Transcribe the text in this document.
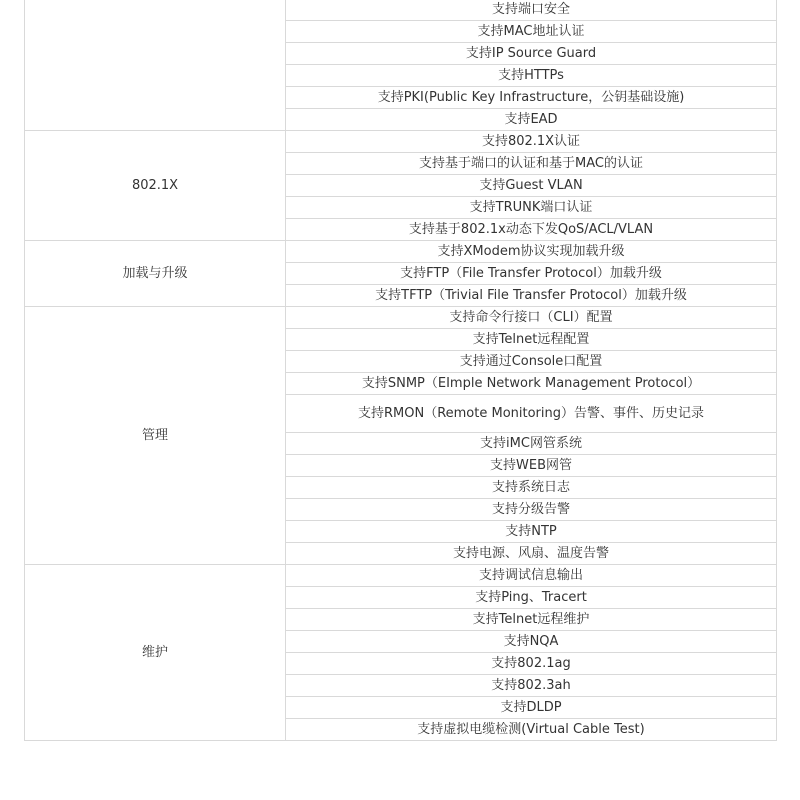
	支持端口安全
	支持MAC地址认证
	支持IP Source Guard
	支持HTTPs
	支持PKI(Public Key Infrastructure，公钥基础设施)
	支持EAD
802.1X	支持802.1X认证
	支持基于端口的认证和基于MAC的认证
	支持Guest VLAN
	支持TRUNK端口认证
	支持基于802.1x动态下发QoS/ACL/VLAN
加载与升级	支持XModem协议实现加载升级
	支持FTP（File Transfer Protocol）加载升级
	支持TFTP（Trivial File Transfer Protocol）加载升级
管理	支持命令行接口（CLI）配置
	支持Telnet远程配置
	支持通过Console口配置
	支持SNMP（EImple Network Management Protocol）
	支持RMON（Remote Monitoring）告警、事件、历史记录
	支持iMC网管系统
	支持WEB网管
	支持系统日志
	支持分级告警
	支持NTP
	支持电源、风扇、温度告警
维护	支持调试信息输出
	支持Ping、Tracert
	支持Telnet远程维护
	支持NQA
	支持802.1ag
	支持802.3ah
	支持DLDP
	支持虚拟电缆检测(Virtual Cable Test)
